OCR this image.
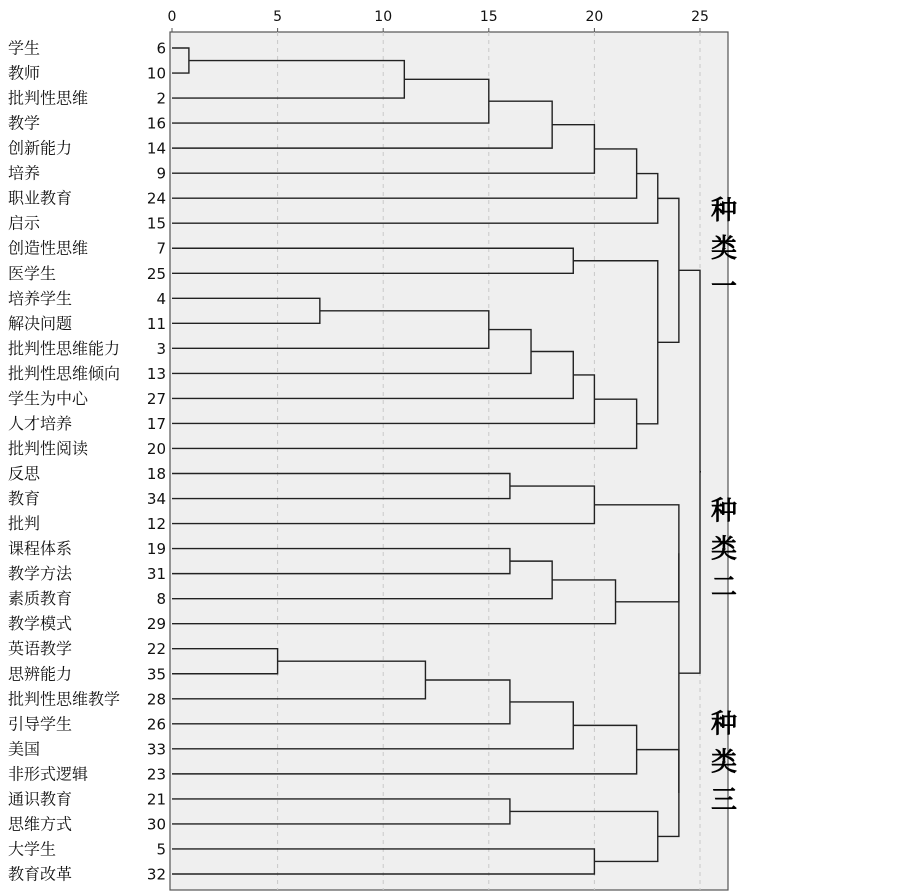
0	5	10	15	20	25
学生	6
教师	10
批判性思维	2
教学	16
创新能力	14
培养	9
职业教育	24
启示	15
创造性思维	7
医学生	25
培养学生	4
解决问题	11
批判性思维能力 3
批判性思维倾向 13
学生为中心	27
人才培养	17
批判性阅读	20
反思	18
教育	34
批判	12
课程体系	19
教学方法	31
素质教育	8
教学模式	29
英语教学	22
思辨能力	35
批判性思维教学 28
引导学生	26
美国	33
非形式逻辑	23
通识教育	21
思维方式	30
大学生	5
教育改革	32
种类一
种类二
种类三
